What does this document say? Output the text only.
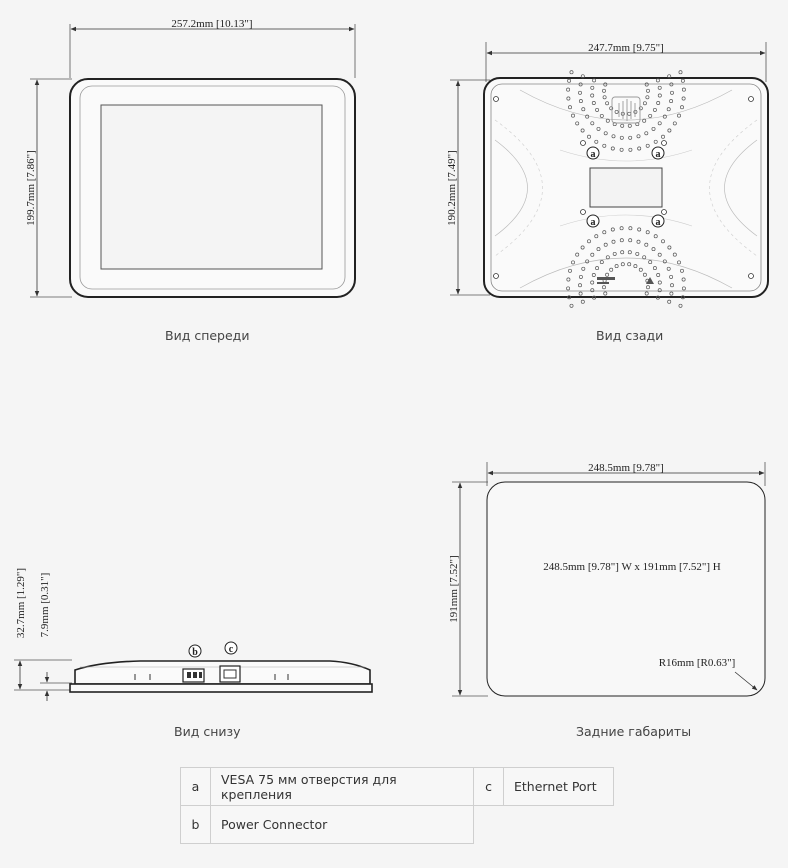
257.2mm [10.13"]
199.7mm [7.86"]
247.7mm [9.75"]
190.2mm [7.49"]	a	a
a	a
32.7mm [1.29"] 7.9mm [0.31"]
b	c
248.5mm [9.78"]
191mm [7.52"]	248.5mm [9.78"] W x 191mm [7.52"] H
R16mm [R0.63"]
Вид спереди	Вид сзади
Вид снизу	Задние габариты
a	VESA 75 мм отверстия для крепления	c	Ethernet Port
b	Power Connector		
